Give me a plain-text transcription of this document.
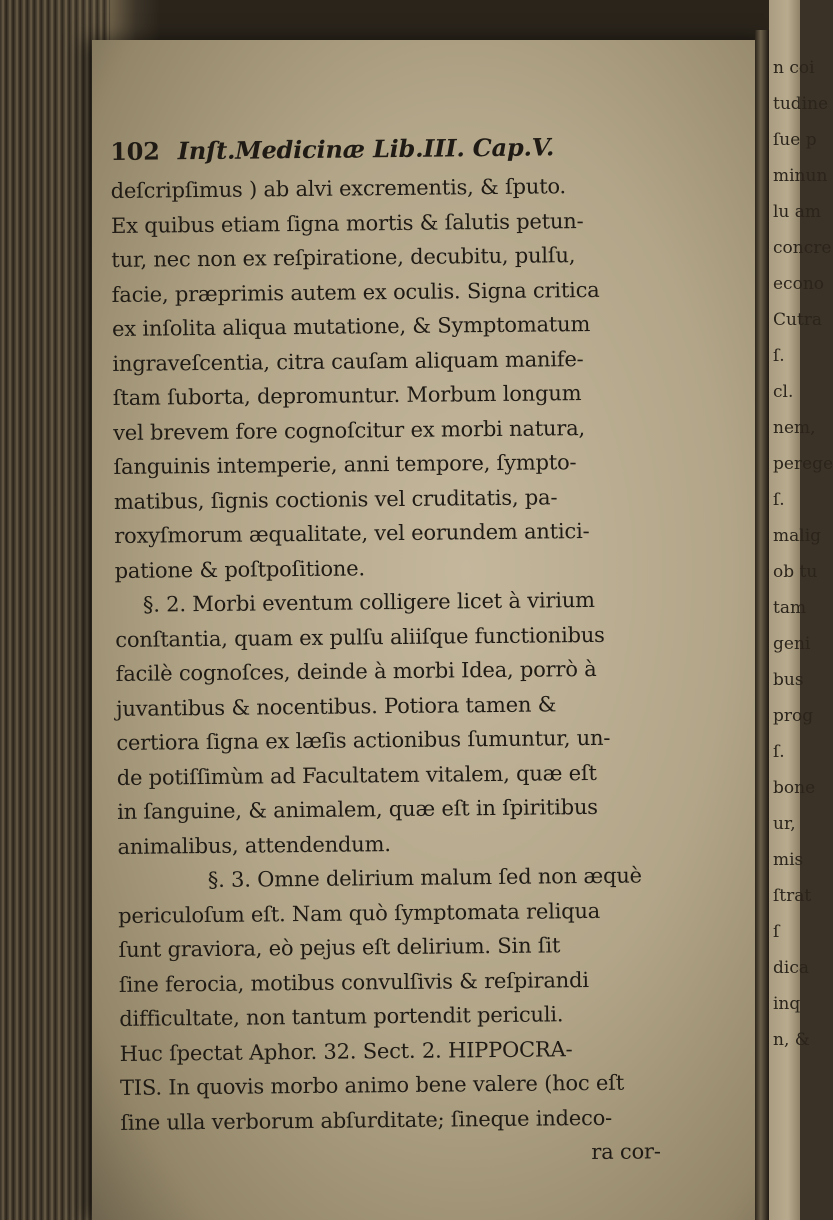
n coi
tudine
ſue p
minun
lu am
concre
econo
Cutra
ſ.
cl.
nem,
perege
ſ.
malig
ob tu
tam
geni
bus
prog
ſ.
bone
ur,
mis
ſtrat
ſ
dica
inq
n, &
102 Inſt.Medicinæ Lib.III. Cap.V.
deſcripſimus ) ab alvi excrementis, & ſputo.
Ex quibus etiam ſigna mortis & ſalutis petun-
tur, nec non ex reſpiratione, decubitu, pulſu,
facie, præprimis autem ex oculis. Signa critica
ex inſolita aliqua mutatione, & Symptomatum
ingraveſcentia, citra cauſam aliquam manife-
ſtam ſuborta, depromuntur. Morbum longum
vel brevem fore cognoſcitur ex morbi natura,
ſanguinis intemperie, anni tempore, ſympto-
matibus, ſignis coctionis vel cruditatis, pa-
roxyſmorum æqualitate, vel eorundem antici-
patione & poſtpoſitione.
§. 2. Morbi eventum colligere licet à virium
conſtantia, quam ex pulſu aliiſque functionibus
facilè cognoſces, deinde à morbi Idea, porrò à
juvantibus & nocentibus. Potiora tamen &
certiora ſigna ex læſis actionibus ſumuntur, un-
de potiſſimùm ad Facultatem vitalem, quæ eſt
in ſanguine, & animalem, quæ eſt in ſpiritibus
animalibus, attendendum.
§. 3. Omne delirium malum ſed non æquè
periculoſum eſt. Nam quò ſymptomata reliqua
ſunt graviora, eò pejus eſt delirium. Sin ſit
ſine ferocia, motibus convulſivis & reſpirandi
difficultate, non tantum portendit periculi.
Huc ſpectat Aphor. 32. Sect. 2. HIPPOCRA-
TIS. In quovis morbo animo bene valere (hoc eſt
ſine ulla verborum abſurditate; ſineque indeco-
ra cor-
